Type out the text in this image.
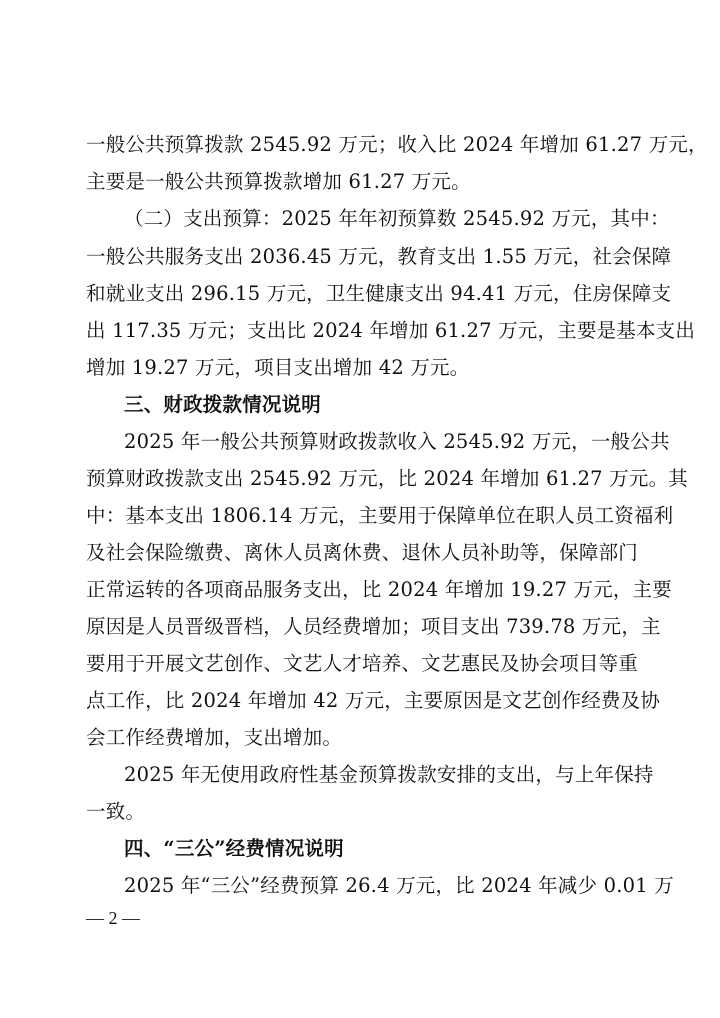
一般公共预算拨款 2545.92 万元；收入比 2024 年增加 61.27 万元，
主要是一般公共预算拨款增加 61.27 万元。
（二）支出预算：2025 年年初预算数 2545.92 万元，其中：
一般公共服务支出 2036.45 万元，教育支出 1.55 万元，社会保障
和就业支出 296.15 万元，卫生健康支出 94.41 万元，住房保障支
出 117.35 万元；支出比 2024 年增加 61.27 万元，主要是基本支出
增加 19.27 万元，项目支出增加 42 万元。
三、财政拨款情况说明
2025 年一般公共预算财政拨款收入 2545.92 万元，一般公共
预算财政拨款支出 2545.92 万元，比 2024 年增加 61.27 万元。其
中：基本支出 1806.14 万元，主要用于保障单位在职人员工资福利
及社会保险缴费、离休人员离休费、退休人员补助等，保障部门
正常运转的各项商品服务支出，比 2024 年增加 19.27 万元，主要
原因是人员晋级晋档，人员经费增加；项目支出 739.78 万元，主
要用于开展文艺创作、文艺人才培养、文艺惠民及协会项目等重
点工作，比 2024 年增加 42 万元，主要原因是文艺创作经费及协
会工作经费增加，支出增加。
2025 年无使用政府性基金预算拨款安排的支出，与上年保持
一致。
四、“三公”经费情况说明
2025 年“三公”经费预算 26.4 万元，比 2024 年减少 0.01 万
— 2 —
